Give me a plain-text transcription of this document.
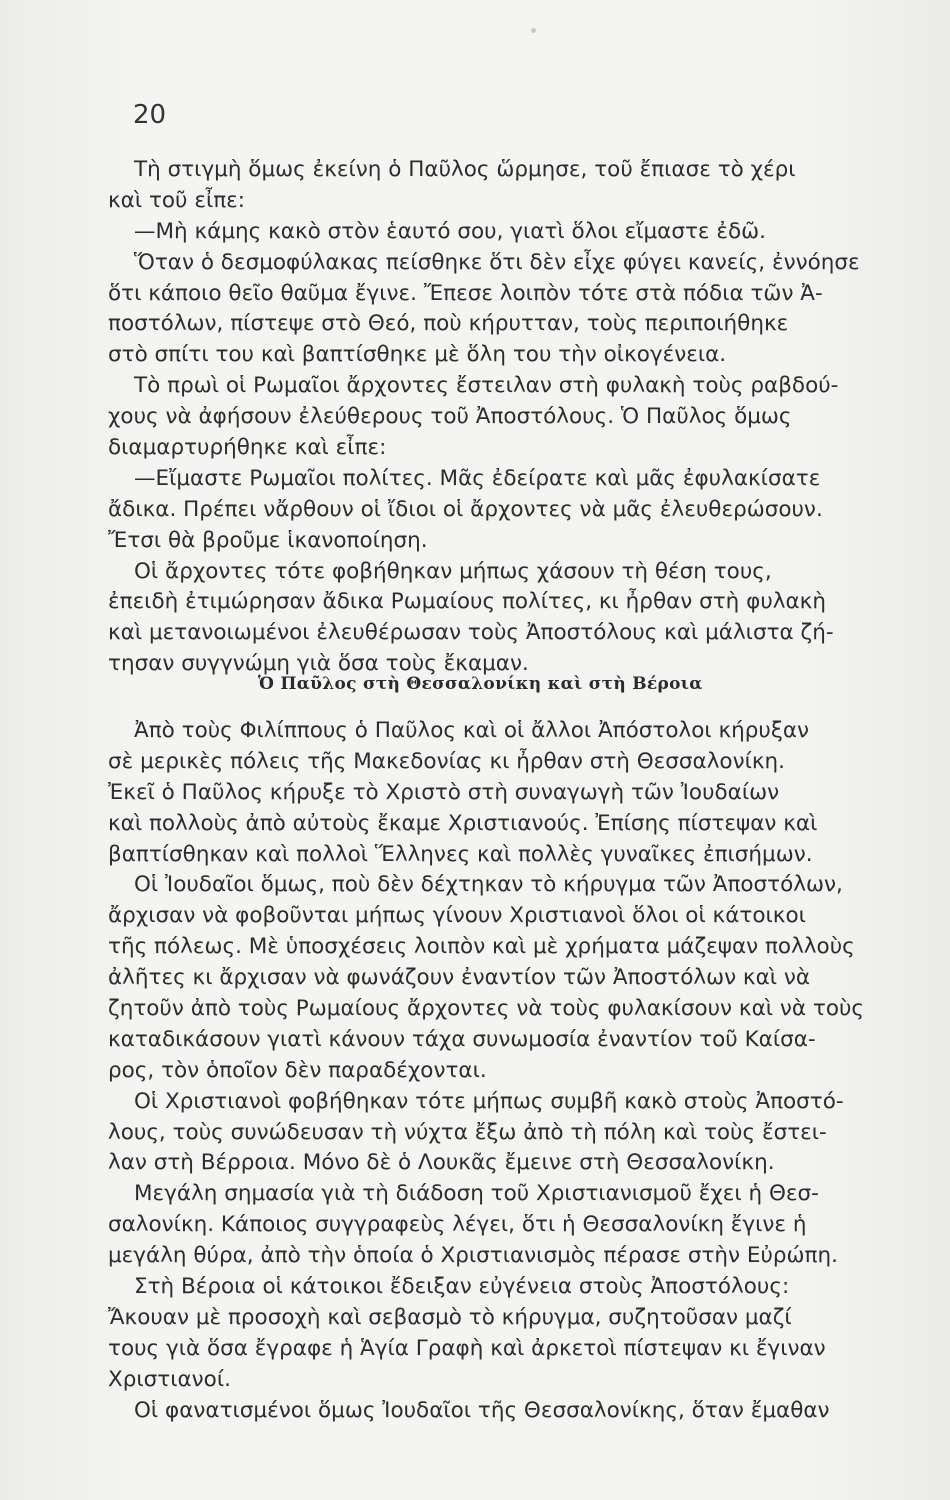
20
Τὴ στιγμὴ ὅμως ἐκείνη ὁ Παῦλος ὥρμησε, τοῦ ἔπιασε τὸ χέρι
καὶ τοῦ εἶπε:
—Μὴ κάμης κακὸ στὸν ἑαυτό σου, γιατὶ ὅλοι εἴμαστε ἐδῶ.
Ὅταν ὁ δεσμοφύλακας πείσθηκε ὅτι δὲν εἶχε φύγει κανείς, ἐννόησε
ὅτι κάποιο θεῖο θαῦμα ἔγινε. Ἔπεσε λοιπὸν τότε στὰ πόδια τῶν Ἀ-
ποστόλων, πίστεψε στὸ Θεό, ποὺ κήρυτταν, τοὺς περιποιήθηκε
στὸ σπίτι του καὶ βαπτίσθηκε μὲ ὅλη του τὴν οἰκογένεια.
Τὸ πρωὶ οἱ Ρωμαῖοι ἄρχοντες ἔστειλαν στὴ φυλακὴ τοὺς ραβδού-
χους νὰ ἀφήσουν ἐλεύθερους τοῦ Ἀποστόλους. Ὁ Παῦλος ὅμως
διαμαρτυρήθηκε καὶ εἶπε:
—Εἴμαστε Ρωμαῖοι πολίτες. Μᾶς ἐδείρατε καὶ μᾶς ἐφυλακίσατε
ἄδικα. Πρέπει νἄρθουν οἱ ἴδιοι οἱ ἄρχοντες νὰ μᾶς ἐλευθερώσουν.
Ἔτσι θὰ βροῦμε ἱκανοποίηση.
Οἱ ἄρχοντες τότε φοβήθηκαν μήπως χάσουν τὴ θέση τους,
ἐπειδὴ ἐτιμώρησαν ἄδικα Ρωμαίους πολίτες, κι ἦρθαν στὴ φυλακὴ
καὶ μετανοιωμένοι ἐλευθέρωσαν τοὺς Ἀποστόλους καὶ μάλιστα ζή-
τησαν συγγνώμη γιὰ ὅσα τοὺς ἔκαμαν.
Ὁ Παῦλος στὴ Θεσσαλονίκη καὶ στὴ Βέροια
Ἀπὸ τοὺς Φιλίππους ὁ Παῦλος καὶ οἱ ἄλλοι Ἀπόστολοι κήρυξαν
σὲ μερικὲς πόλεις τῆς Μακεδονίας κι ἦρθαν στὴ Θεσσαλονίκη.
Ἐκεῖ ὁ Παῦλος κήρυξε τὸ Χριστὸ στὴ συναγωγὴ τῶν Ἰουδαίων
καὶ πολλοὺς ἀπὸ αὐτοὺς ἔκαμε Χριστιανούς. Ἐπίσης πίστεψαν καὶ
βαπτίσθηκαν καὶ πολλοὶ Ἕλληνες καὶ πολλὲς γυναῖκες ἐπισήμων.
Οἱ Ἰουδαῖοι ὅμως, ποὺ δὲν δέχτηκαν τὸ κήρυγμα τῶν Ἀποστόλων,
ἄρχισαν νὰ φοβοῦνται μήπως γίνουν Χριστιανοὶ ὅλοι οἱ κάτοικοι
τῆς πόλεως. Μὲ ὑποσχέσεις λοιπὸν καὶ μὲ χρήματα μάζεψαν πολλοὺς
ἀλῆτες κι ἄρχισαν νὰ φωνάζουν ἐναντίον τῶν Ἀποστόλων καὶ νὰ
ζητοῦν ἀπὸ τοὺς Ρωμαίους ἄρχοντες νὰ τοὺς φυλακίσουν καὶ νὰ τοὺς
καταδικάσουν γιατὶ κάνουν τάχα συνωμοσία ἐναντίον τοῦ Καίσα-
ρος, τὸν ὁποῖον δὲν παραδέχονται.
Οἱ Χριστιανοὶ φοβήθηκαν τότε μήπως συμβῆ κακὸ στοὺς Ἀποστό-
λους, τοὺς συνώδευσαν τὴ νύχτα ἔξω ἀπὸ τὴ πόλη καὶ τοὺς ἔστει-
λαν στὴ Βέρροια. Μόνο δὲ ὁ Λουκᾶς ἔμεινε στὴ Θεσσαλονίκη.
Μεγάλη σημασία γιὰ τὴ διάδοση τοῦ Χριστιανισμοῦ ἔχει ἡ Θεσ-
σαλονίκη. Κάποιος συγγραφεὺς λέγει, ὅτι ἡ Θεσσαλονίκη ἔγινε ἡ
μεγάλη θύρα, ἀπὸ τὴν ὁποία ὁ Χριστιανισμὸς πέρασε στὴν Εὐρώπη.
Στὴ Βέροια οἱ κάτοικοι ἔδειξαν εὐγένεια στοὺς Ἀποστόλους:
Ἄκουαν μὲ προσοχὴ καὶ σεβασμὸ τὸ κήρυγμα, συζητοῦσαν μαζί
τους γιὰ ὅσα ἔγραφε ἡ Ἁγία Γραφὴ καὶ ἀρκετοὶ πίστεψαν κι ἔγιναν
Χριστιανοί.
Οἱ φανατισμένοι ὅμως Ἰουδαῖοι τῆς Θεσσαλονίκης, ὅταν ἔμαθαν
